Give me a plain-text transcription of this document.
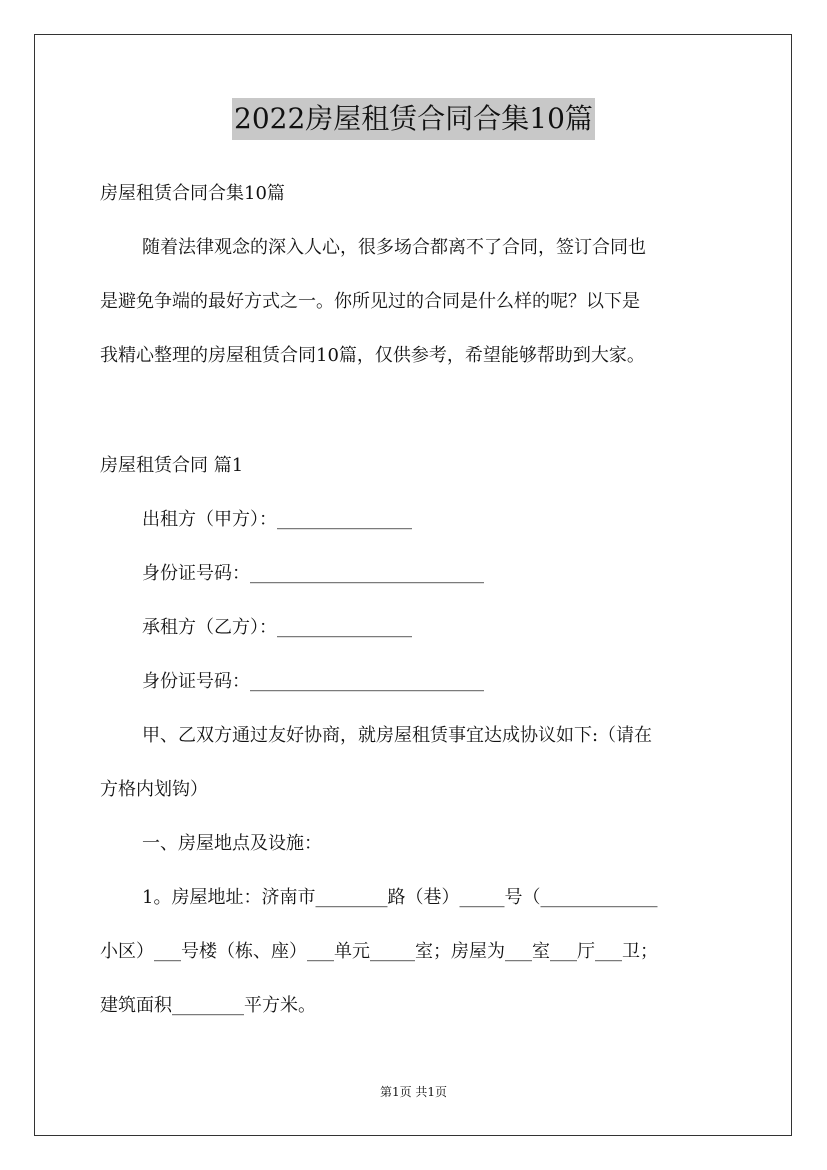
2022房屋租赁合同合集10篇
房屋租赁合同合集10篇
随着法律观念的深入人心，很多场合都离不了合同，签订合同也
是避免争端的最好方式之一。你所见过的合同是什么样的呢？以下是
我精心整理的房屋租赁合同10篇，仅供参考，希望能够帮助到大家。
房屋租赁合同 篇1
出租方（甲方）：_______________
身份证号码：__________________________
承租方（乙方）：_______________
身份证号码：__________________________
甲、乙双方通过友好协商，就房屋租赁事宜达成协议如下:（请在
方格内划钩）
一、房屋地点及设施：
1。房屋地址：济南市________路（巷）_____号（_____________
小区）___号楼（栋、座）___单元_____室；房屋为___室___厅___卫；
建筑面积________平方米。
第1页 共1页
